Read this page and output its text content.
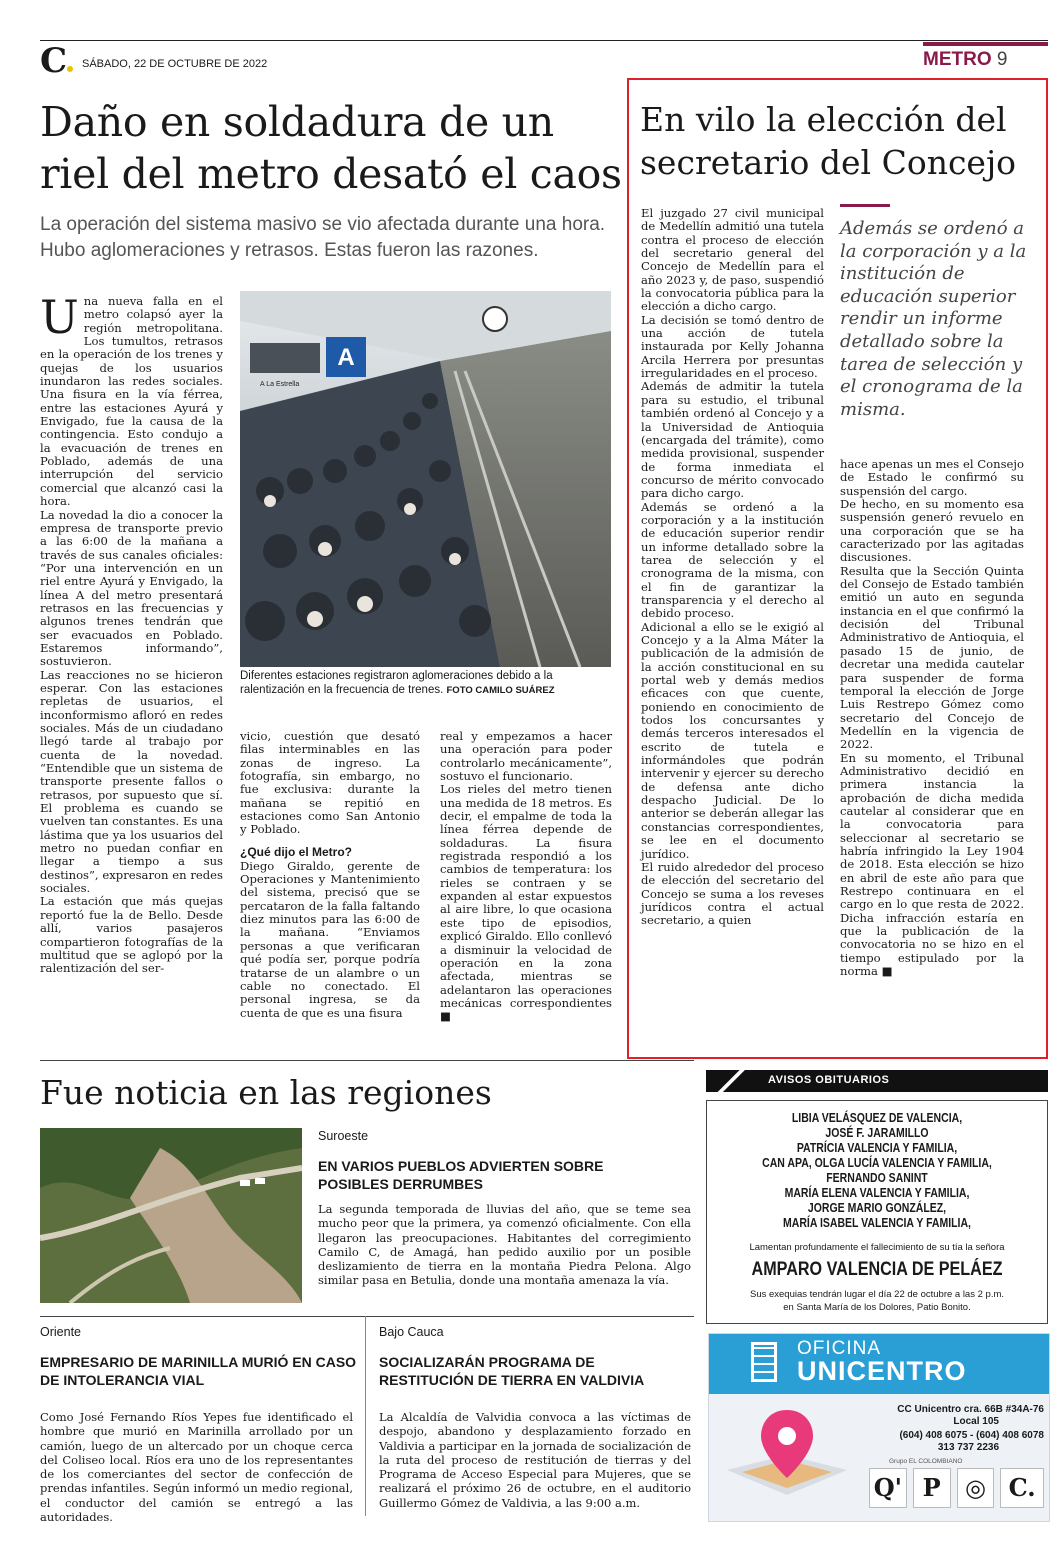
C	SÁBADO, 22 DE OCTUBRE DE 2022	METRO 9
Daño en soldadura de un
riel del metro desató el caos
La operación del sistema masivo se vio afectada durante una hora. Hubo aglomeraciones y retrasos. Estas fueron las razones.
U na nueva falla en el metro colapsó ayer la región metropolitana. Los tumultos, retrasos en la operación de los trenes y quejas de los usuarios inundaron las redes sociales. Una fisura en la vía férrea, entre las estaciones Ayurá y Envigado, fue la causa de la contingencia. Esto condujo a la evacuación de trenes en Poblado, además de una interrupción del servicio comercial que alcanzó casi la hora.

La novedad la dio a conocer la empresa de transporte previo a las 6:00 de la mañana a través de sus canales oficiales: “Por una intervención en un riel entre Ayurá y Envigado, la línea A del metro presentará retrasos en las frecuencias y algunos trenes tendrán que ser evacuados en Poblado. Estaremos informando”, sostuvieron.
Las reacciones no se hicieron esperar. Con las estaciones repletas de usuarios, el inconformismo afloró en redes sociales. Más de un ciudadano llegó tarde al trabajo por cuenta de la novedad. “Entendible que un sistema de transporte presente fallos o retrasos, por supuesto que sí. El problema es cuando se vuelven tan constantes. Es una lástima que ya los usuarios del metro no puedan confiar en llegar a tiempo a sus destinos”, expresaron en redes sociales.
La estación que más quejas reportó fue la de Bello. Desde allí, varios pasajeros compartieron fotografías de la multitud que se aglopó por la ralentización del ser-

A
A La Estrella
Diferentes estaciones registraron aglomeraciones debido a la ralentización en la frecuencia de trenes. FOTO CAMILO SUÁREZ

vicio, cuestión que desató filas interminables en las zonas de ingreso. La fotografía, sin embargo, no fue exclusiva: durante la mañana se repitió en estaciones como San Antonio y Poblado.

¿Qué dijo el Metro?

Diego Giraldo, gerente de Operaciones y Mantenimiento del sistema, precisó que se percataron de la falla faltando diez minutos para las 6:00 de la mañana. “Enviamos personas a que verificaran qué podía ser, porque podría tratarse de un alambre o un cable no conectado. El personal ingresa, se da cuenta de que es una fisura

real y empezamos a hacer una operación para poder controlarlo mecánicamente”, sostuvo el funcionario.
Los rieles del metro tienen una medida de 18 metros. Es decir, el empalme de toda la línea férrea depende de soldaduras. La fisura registrada respondió a los cambios de temperatura: los rieles se contraen y se expanden al estar expuestos al aire libre, lo que ocasiona este tipo de episodios, explicó Giraldo. Ello conllevó a disminuir la velocidad de operación en la zona afectada, mientras se adelantaron las operaciones mecánicas correspondientes ■

En vilo la elección del
secretario del Concejo
Además se ordenó a la corporación y a la institución de educación superior rendir un informe detallado sobre la tarea de selección y el cronograma de la misma.

El juzgado 27 civil municipal de Medellín admitió una tutela contra el proceso de elección del secretario general del Concejo de Medellín para el año 2023 y, de paso, suspendió la convocatoria pública para la elección a dicho cargo.
La decisión se tomó dentro de una acción de tutela instaurada por Kelly Johanna Arcila Herrera por presuntas irregularidades en el proceso.
Además de admitir la tutela para su estudio, el tribunal también ordenó al Concejo y a la Universidad de Antioquia (encargada del trámite), como medida provisional, suspender de forma inmediata el concurso de mérito convocado para dicho cargo.
Además se ordenó a la corporación y a la institución de educación superior rendir un informe detallado sobre la tarea de selección y el cronograma de la misma, con el fin de garantizar la transparencia y el derecho al debido proceso.
Adicional a ello se le exigió al Concejo y a la Alma Máter la publicación de la admisión de la acción constitucional en su portal web y demás medios eficaces con que cuente, poniendo en conocimiento de todos los concursantes y demás terceros interesados el escrito de tutela e informándoles que podrán intervenir y ejercer su derecho de defensa ante dicho despacho Judicial. De lo anterior se deberán allegar las constancias correspondientes, se lee en el documento jurídico.
El ruido alrededor del proceso de elección del secretario del Concejo se suma a los reveses jurídicos contra el actual secretario, a quien

hace apenas un mes el Consejo de Estado le confirmó su suspensión del cargo.
De hecho, en su momento esa suspensión generó revuelo en una corporación que se ha caracterizado por las agitadas discusiones.
Resulta que la Sección Quinta del Consejo de Estado también emitió un auto en segunda instancia en el que confirmó la decisión del Tribunal Administrativo de Antioquia, el pasado 15 de junio, de decretar una medida cautelar para suspender de forma temporal la elección de Jorge Luis Restrepo Gómez como secretario del Concejo de Medellín en la vigencia de 2022.
En su momento, el Tribunal Administrativo decidió en primera instancia la aprobación de dicha medida cautelar al considerar que en la convocatoria para seleccionar al secretario se habría infringido la Ley 1904 de 2018. Esta elección se hizo en abril de este año para que Restrepo continuara en el cargo en lo que resta de 2022. Dicha infracción estaría en que la publicación de la convocatoria no se hizo en el tiempo estipulado por la norma ■

Fue noticia en las regiones
Suroeste
EN VARIOS PUEBLOS ADVIERTEN SOBRE POSIBLES DERRUMBES
La segunda temporada de lluvias del año, que se teme sea mucho peor que la primera, ya comenzó oficialmente. Con ella llegaron las preocupaciones. Habitantes del corregimiento Camilo C, de Amagá, han pedido auxilio por un posible deslizamiento de tierra en la montaña Piedra Pelona. Algo similar pasa en Betulia, donde una montaña amenaza la vía.
Oriente
EMPRESARIO DE MARINILLA MURIÓ EN CASO DE INTOLERANCIA VIAL
Como José Fernando Ríos Yepes fue identificado el hombre que murió en Marinilla arrollado por un camión, luego de un altercado por un choque cerca del Coliseo local. Ríos era uno de los representantes de los comerciantes del sector de confección de prendas infantiles. Según informó un medio regional, el conductor del camión se entregó a las autoridades.
Bajo Cauca
SOCIALIZARÁN PROGRAMA DE RESTITUCIÓN DE TIERRA EN VALDIVIA
La Alcaldía de Valvidia convoca a las víctimas de despojo, abandono y desplazamiento forzado en Valdivia a participar en la jornada de socialización de la ruta del proceso de restitución de tierras y del Programa de Acceso Especial para Mujeres, que se realizará el próximo 26 de octubre, en el auditorio Guillermo Gómez de Valdivia, a las 9:00 a.m.
AVISOS OBITUARIOS
LIBIA VELÁSQUEZ DE VALENCIA,
JOSÉ F. JARAMILLO
PATRÍCIA VALENCIA Y FAMILIA,
CAN APA, OLGA LUCÍA VALENCIA Y FAMILIA,
FERNANDO SANINT
MARÍA ELENA VALENCIA Y FAMILIA,
JORGE MARIO GONZÁLEZ,
MARÍA ISABEL VALENCIA Y FAMILIA,
Lamentan profundamente el fallecimiento de su tía la señora
AMPARO VALENCIA DE PELÁEZ
Sus exequias tendrán lugar el día 22 de octubre a las 2 p.m.
en Santa María de los Dolores, Patio Bonito.
OFICINA
UNICENTRO
CC Unicentro cra. 66B #34A-76
Local 105
(604) 408 6075 - (604) 408 6078
313 737 2236
Grupo EL COLOMBIANO
Q' P	◎ C.
